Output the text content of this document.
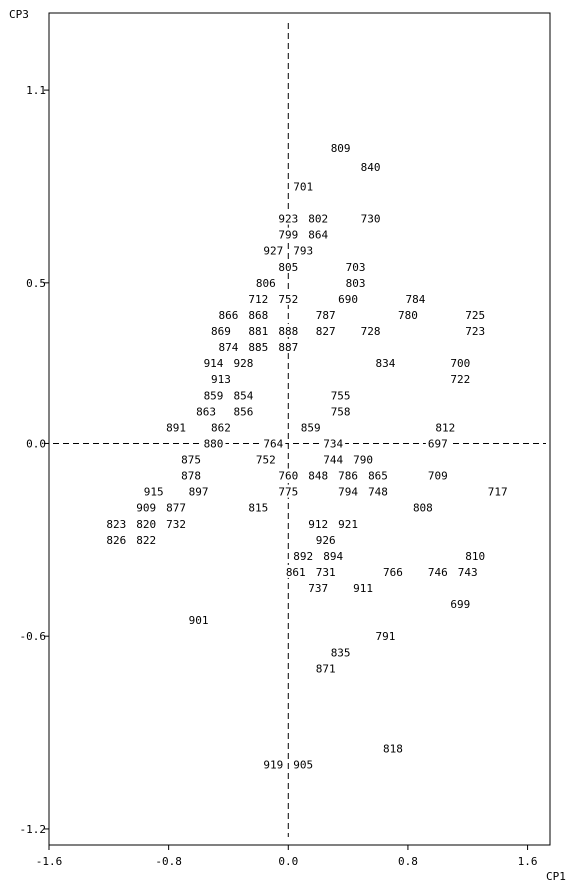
-1.6	-0.8	0.0	0.8	1.6
1.1
0.5
0.0
-0.6
-1.2
809
840
701
923 802	730
799 864
927 793
805	703
806	803
712 752	690	784
866 868	787	780	725
869 881 888 827 728	723
874 885 887
914 928	834	700
913	722
859 854	755
863 856	758
891 862	859	812
880	764	734	697
875	752	744 790
878	760 848 786 865	709
915 897	775	794 748	717
909 877	815	808
823 820 732	912 921
826 822	926
892 894	810
861 731	766 746 743
737 911
699
901
791
835
871
818
919 905
CP3
CP1
